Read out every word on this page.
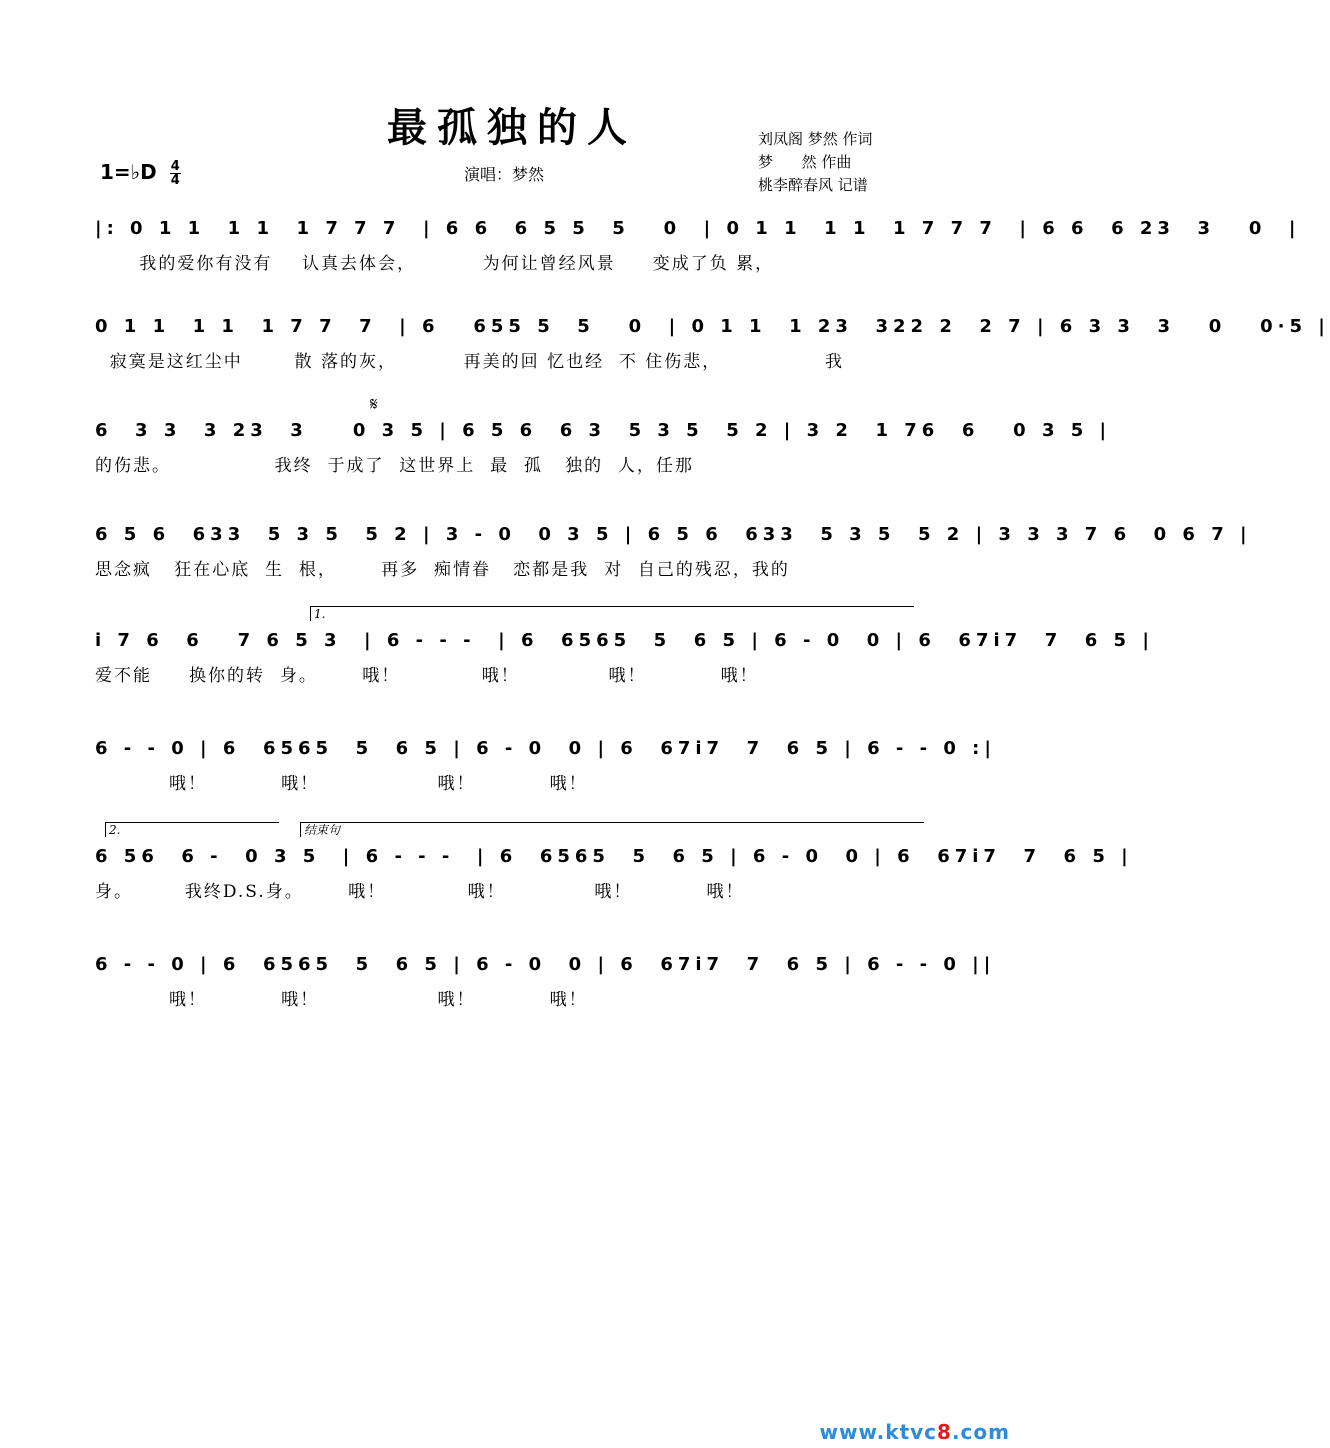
最孤独的人	刘凤阁 梦然 作词
梦      然 作曲
桃李醉春风 记谱
1=♭D $\frac{4}{4}$	演唱：梦然
|: 0 1 1  1 1  1 7 7 7  | 6 6  6 5 5  5   0  | 0 1 1  1 1  1 7 7 7  | 6 6  6 23  3   0  |
我的爱你有没有    认真去体会，         为何让曾经风景     变成了负 累，
0 1 1  1 1  1 7 7  7  | 6   655 5  5   0  | 0 1 1  1 23  322 2  2 7 | 6 3 3  3   0   0·5 |
寂寞是这红尘中       散 落的灰，         再美的回 忆也经  不 住伤悲，              我
𝄋
6  3 3  3 23  3    0 3 5 | 6 5 6  6 3  5 3 5  5 2 | 3 2  1 76  6   0 3 5 |
的伤悲。              我终  于成了  这世界上  最  孤   独的  人，任那
6 5 6  633  5 3 5  5 2 | 3 - 0  0 3 5 | 6 5 6  633  5 3 5  5 2 | 3 3 3 7 6  0 6 7 |
思念疯   狂在心底  生  根，      再多  痴情眷   恋都是我  对  自己的残忍，我的
1.
i 7 6  6   7 6 5 3  | 6 - - -  | 6  6565  5  6 5 | 6 - 0  0 | 6  67i7  7  6 5 |
爱不能     换你的转  身。      哦！           哦！            哦！          哦！
6 - - 0 | 6  6565  5  6 5 | 6 - 0  0 | 6  67i7  7  6 5 | 6 - - 0 :|
哦！          哦！                哦！          哦！
2.	结束句
6 56  6 -  0 3 5  | 6 - - -  | 6  6565  5  6 5 | 6 - 0  0 | 6  67i7  7  6 5 |
身。       我终D.S.身。      哦！           哦！            哦！          哦！
6 - - 0 | 6  6565  5  6 5 | 6 - 0  0 | 6  67i7  7  6 5 | 6 - - 0 ||
哦！          哦！                哦！          哦！
www.ktvc8.com
